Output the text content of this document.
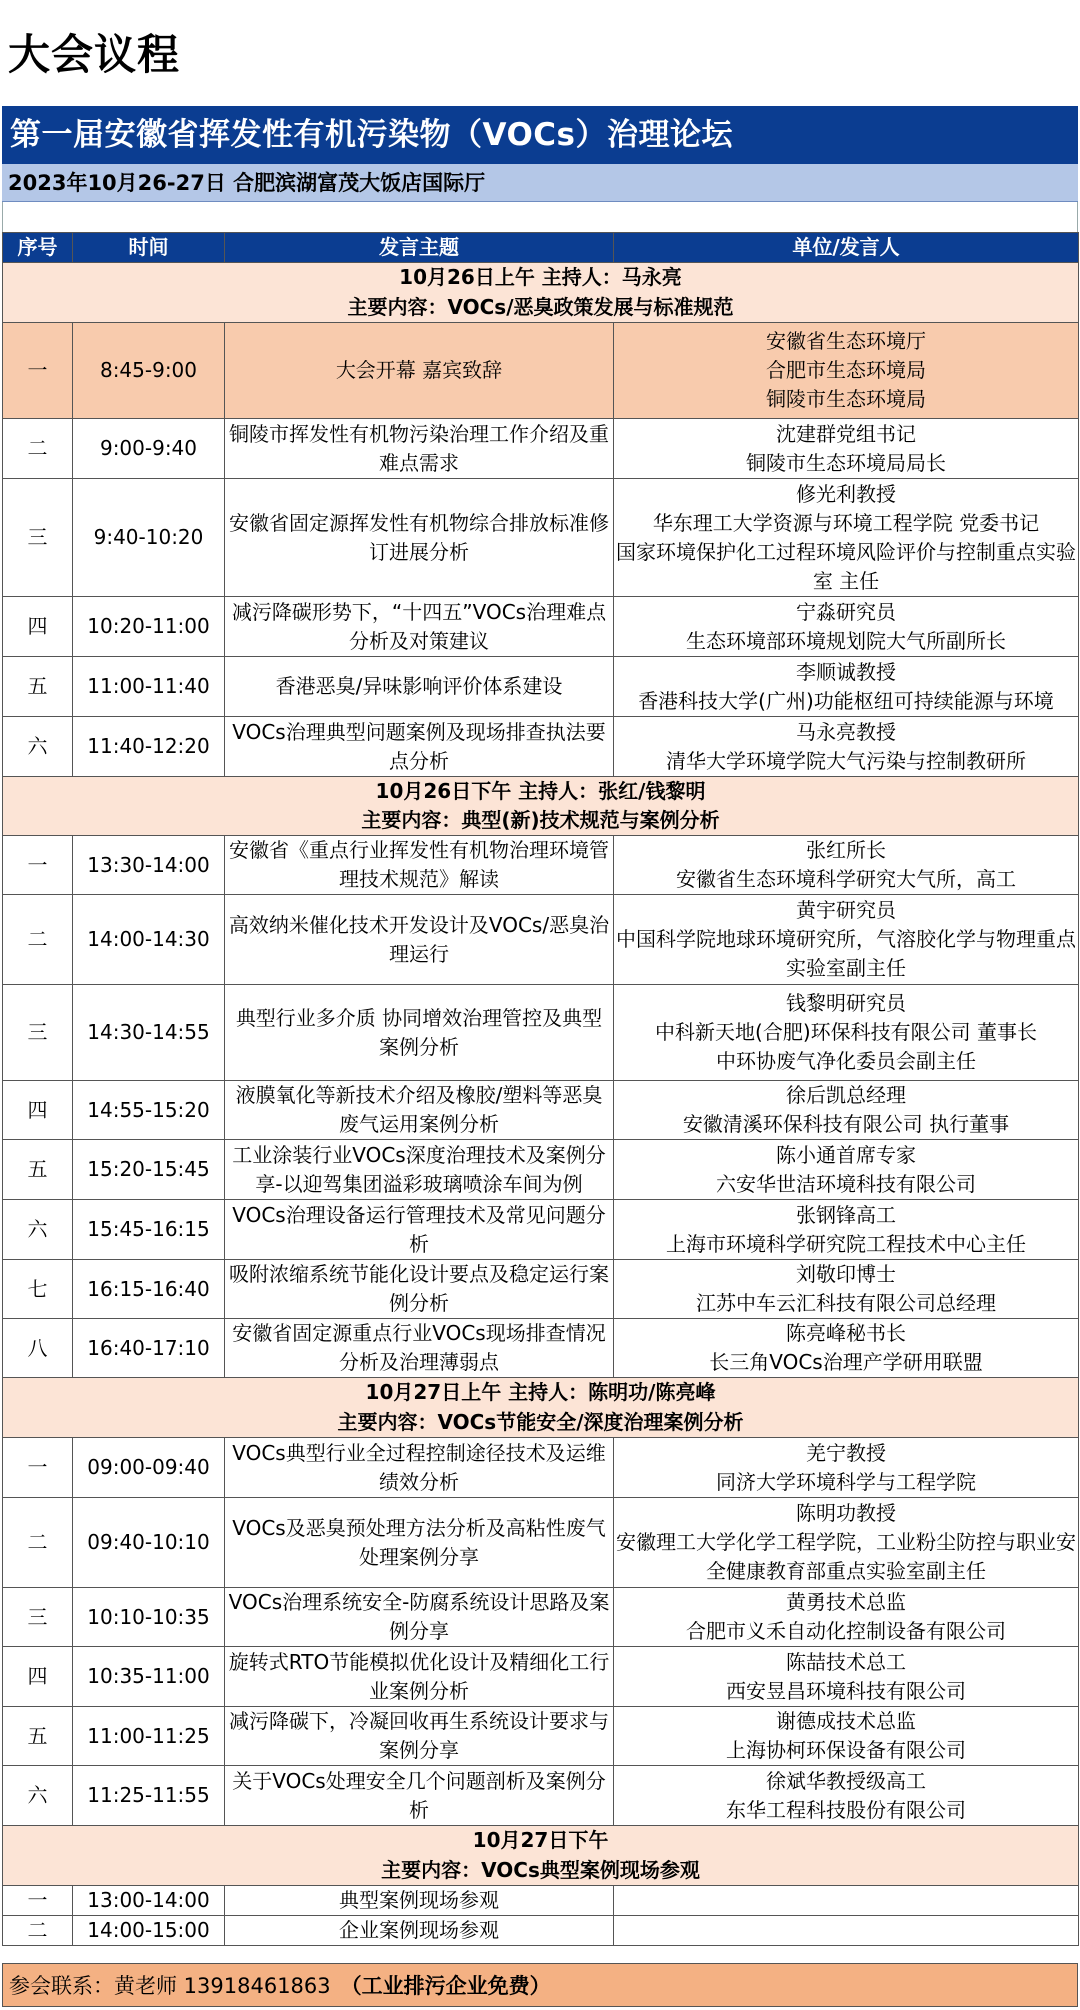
大会议程
第一届安徽省挥发性有机污染物（VOCs）治理论坛
2023年10月26-27日 合肥滨湖富茂大饭店国际厅
序号	时间	发言主题	单位/发言人
10月26日上午 主持人：马永亮			
主要内容：VOCs/恶臭政策发展与标准规范			
一	8:45-9:00	大会开幕 嘉宾致辞	安徽省生态环境厅
合肥市生态环境局
铜陵市生态环境局

二	9:00-9:40	铜陵市挥发性有机物污染治理工作介绍及重难点需求	沈建群党组书记
铜陵市生态环境局局长

三	9:40-10:20	安徽省固定源挥发性有机物综合排放标准修订进展分析	修光利教授
华东理工大学资源与环境工程学院 党委书记
国家环境保护化工过程环境风险评价与控制重点实验室 主任

四	10:20-11:00	减污降碳形势下，“十四五”VOCs治理难点分析及对策建议	宁淼研究员
生态环境部环境规划院大气所副所长

五	11:00-11:40	香港恶臭/异味影响评价体系建设	李顺诚教授
香港科技大学(广州)功能枢纽可持续能源与环境

六	11:40-12:20	VOCs治理典型问题案例及现场排查执法要点分析	马永亮教授
清华大学环境学院大气污染与控制教研所

10月26日下午 主持人：张红/钱黎明			
主要内容：典型(新)技术规范与案例分析			
一	13:30-14:00	安徽省《重点行业挥发性有机物治理环境管理技术规范》解读	张红所长
安徽省生态环境科学研究大气所，高工

二	14:00-14:30	高效纳米催化技术开发设计及VOCs/恶臭治理运行	黄宇研究员
中国科学院地球环境研究所，气溶胶化学与物理重点实验室副主任

三	14:30-14:55	典型行业多介质 协同增效治理管控及典型案例分析	钱黎明研究员
中科新天地(合肥)环保科技有限公司 董事长
中环协废气净化委员会副主任

四	14:55-15:20	液膜氧化等新技术介绍及橡胶/塑料等恶臭废气运用案例分析	徐后凯总经理
安徽清溪环保科技有限公司 执行董事

五	15:20-15:45	工业涂装行业VOCs深度治理技术及案例分享-以迎驾集团溢彩玻璃喷涂车间为例	陈小通首席专家
六安华世洁环境科技有限公司

六	15:45-16:15	VOCs治理设备运行管理技术及常见问题分析	张钢锋高工
上海市环境科学研究院工程技术中心主任

七	16:15-16:40	吸附浓缩系统节能化设计要点及稳定运行案例分析	刘敬印博士
江苏中车云汇科技有限公司总经理

八	16:40-17:10	安徽省固定源重点行业VOCs现场排查情况分析及治理薄弱点	陈亮峰秘书长
长三角VOCs治理产学研用联盟

10月27日上午 主持人：陈明功/陈亮峰			
主要内容：VOCs节能安全/深度治理案例分析			
一	09:00-09:40	VOCs典型行业全过程控制途径技术及运维绩效分析	羌宁教授
同济大学环境科学与工程学院

二	09:40-10:10	VOCs及恶臭预处理方法分析及高粘性废气处理案例分享	陈明功教授
安徽理工大学化学工程学院，工业粉尘防控与职业安全健康教育部重点实验室副主任

三	10:10-10:35	VOCs治理系统安全-防腐系统设计思路及案例分享	黄勇技术总监
合肥市义禾自动化控制设备有限公司

四	10:35-11:00	旋转式RTO节能模拟优化设计及精细化工行业案例分析	陈喆技术总工
西安昱昌环境科技有限公司

五	11:00-11:25	减污降碳下，冷凝回收再生系统设计要求与案例分享	谢德成技术总监
上海协柯环保设备有限公司

六	11:25-11:55	关于VOCs处理安全几个问题剖析及案例分析	徐斌华教授级高工
东华工程科技股份有限公司

10月27日下午			
主要内容：VOCs典型案例现场参观			
一	13:00-14:00	典型案例现场参观	
二	14:00-15:00	企业案例现场参观	
参会联系：黄老师 13918461863 （工业排污企业免费）
